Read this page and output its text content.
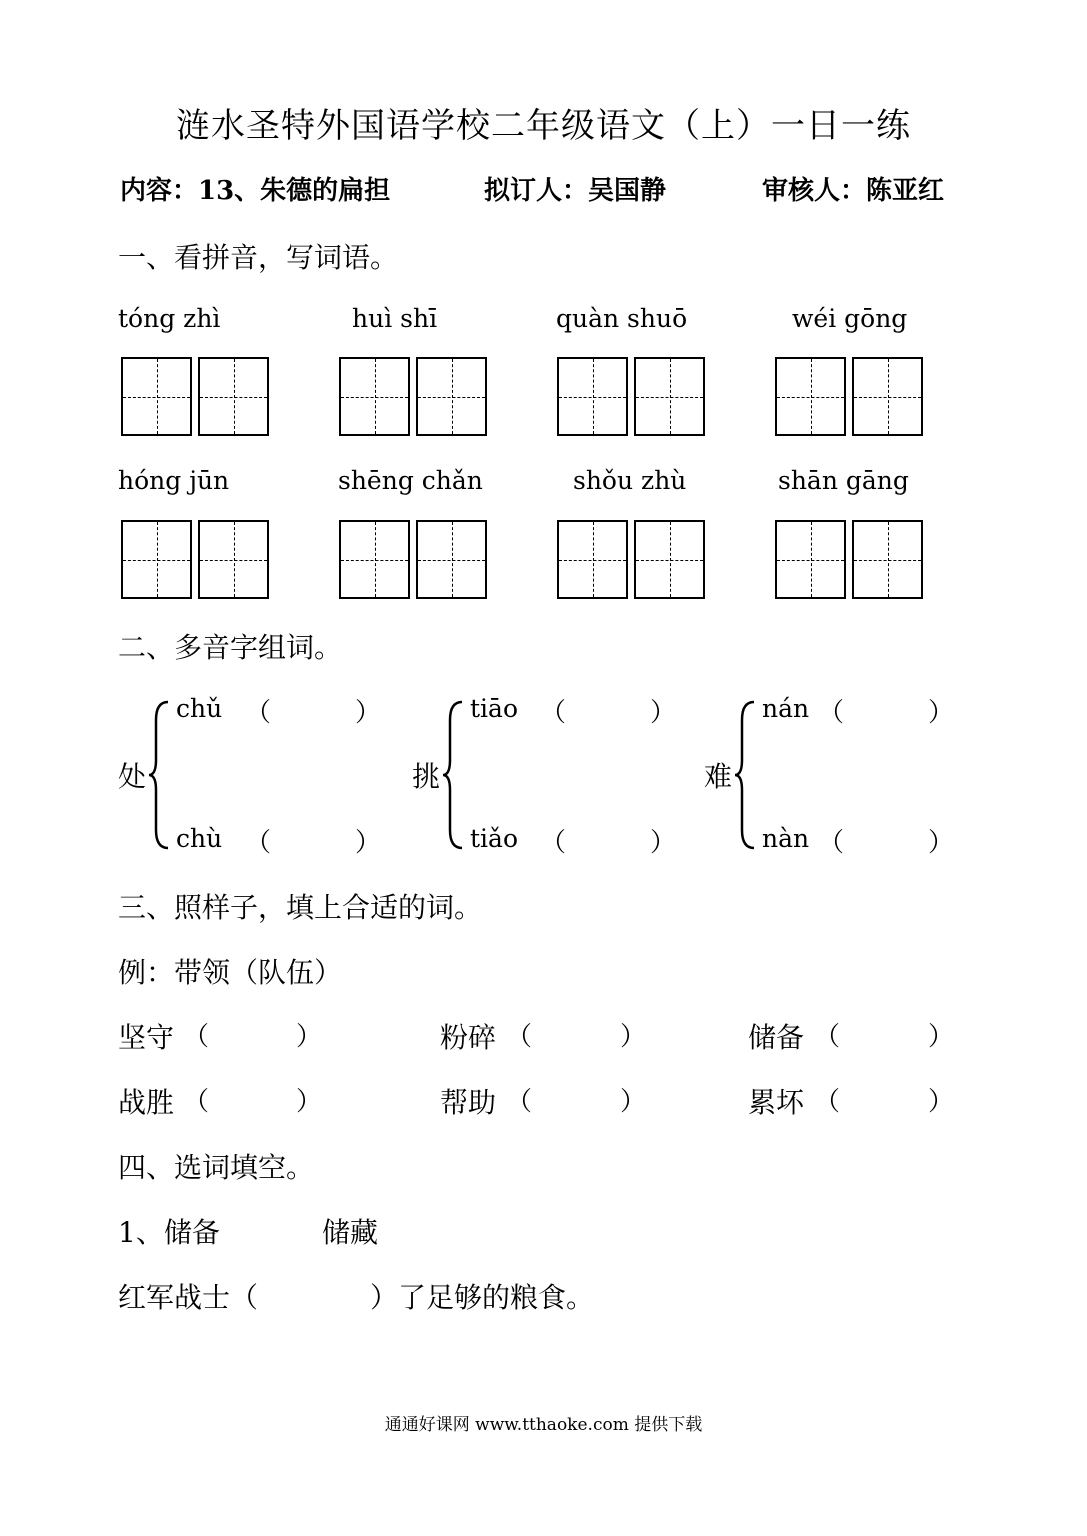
涟水圣特外国语学校二年级语文（上）一日一练
内容：13、朱德的扁担	拟订人：吴国静	审核人：陈亚红
一、看拼音，写词语。
tóng zhì	huì shī	quàn shuō	wéi gōng
hóng jūn	shēng chǎn	shǒu zhù	shān gāng
二、多音字组词。
处
chǔ （	）
chù （	）
挑
tiāo （	）
tiǎo （	）
难
nán （	）
nàn （	）
三、照样子，填上合适的词。
例：带领（队伍）
坚守 （	）	粉碎 （	）	储备 （	）
战胜 （	）	帮助 （	）	累坏 （	）
四、选词填空。
1、储备	储藏
红军战士（	）了足够的粮食。
通通好课网 www.tthaoke.com 提供下载
